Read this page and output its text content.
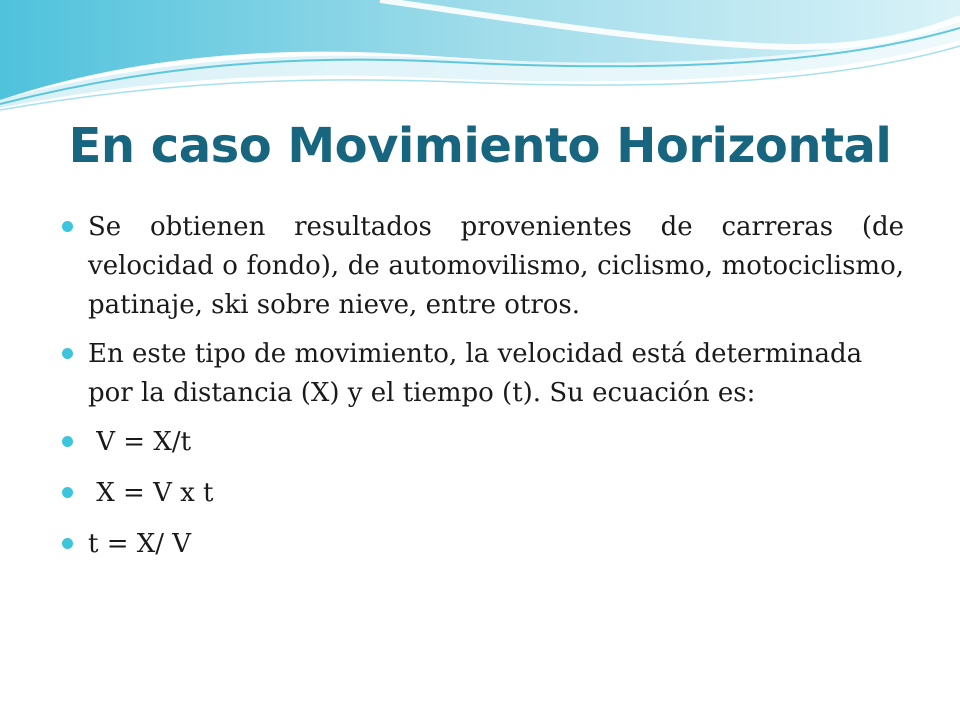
En caso Movimiento Horizontal
Se obtienen resultados provenientes de carreras (de velocidad o fondo), de automovilismo, ciclismo, motociclismo, patinaje, ski sobre nieve, entre otros.
En este tipo de movimiento, la velocidad está determinada por la distancia (X) y el tiempo (t). Su ecuación es:
V = X/t
X = V x t
t = X/ V
